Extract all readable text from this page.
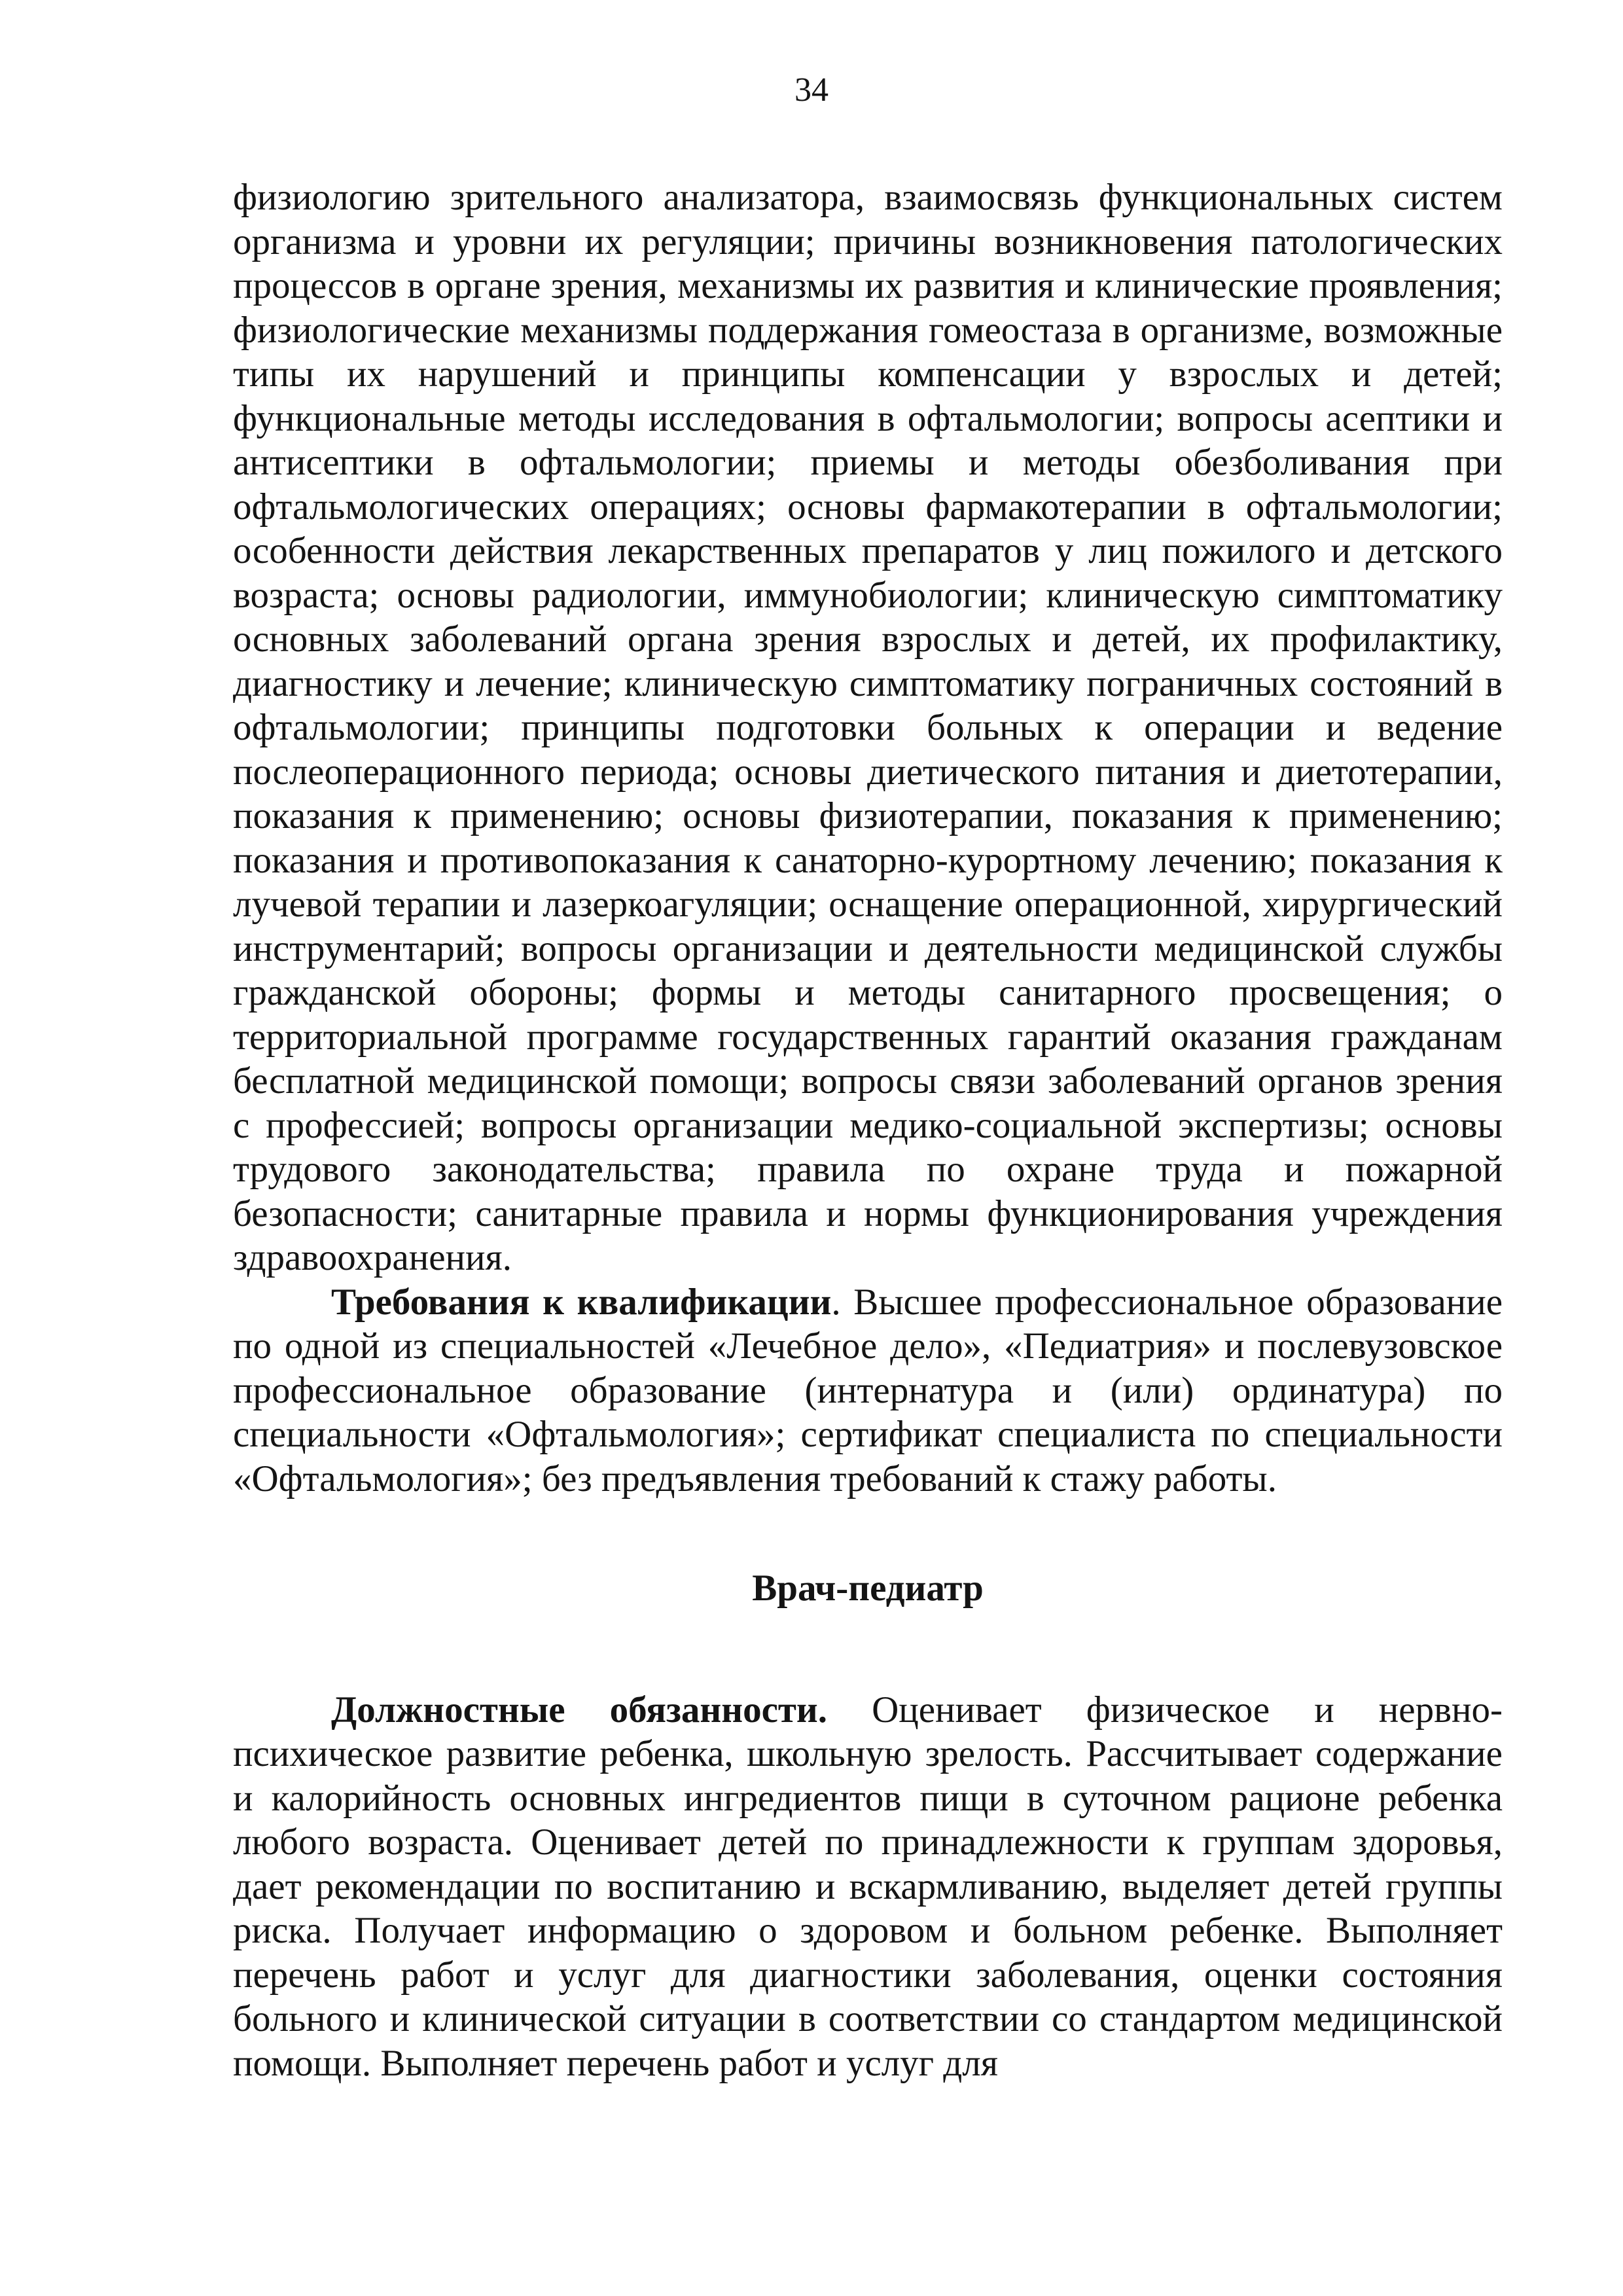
34

физиологию зрительного анализатора, взаимосвязь функциональных систем организма и уровни их регуляции; причины возникновения патологических процессов в органе зрения, механизмы их развития и клинические проявления; физиологические механизмы поддержания гомеостаза в организме, возможные типы их нарушений и принципы компенсации у взрослых и детей; функциональные методы исследования в офтальмологии; вопросы асептики и антисептики в офтальмологии; приемы и методы обезболивания при офтальмологических операциях; основы фармакотерапии в офтальмологии; особенности действия лекарственных препаратов у лиц пожилого и детского возраста; основы радиологии, иммунобиологии; клиническую симптоматику основных заболеваний органа зрения взрослых и детей, их профилактику, диагностику и лечение; клиническую симптоматику пограничных состояний в офтальмологии; принципы подготовки больных к операции и ведение послеоперационного периода; основы диетического питания и диетотерапии, показания к применению; основы физиотерапии, показания к применению; показания и противопоказания к санаторно-курортному лечению; показания к лучевой терапии и лазеркоагуляции; оснащение операционной, хирургический инструментарий; вопросы организации и деятельности медицинской службы гражданской обороны; формы и методы санитарного просвещения; о территориальной программе государственных гарантий оказания гражданам бесплатной медицинской помощи; вопросы связи заболеваний органов зрения с профессией; вопросы организации медико-социальной экспертизы; основы трудового законодательства; правила по охране труда и пожарной безопасности; санитарные правила и нормы функционирования учреждения здравоохранения.

Требования к квалификации. Высшее профессиональное образование по одной из специальностей «Лечебное дело», «Педиатрия» и послевузовское профессиональное образование (интернатура и (или) ординатура) по специальности «Офтальмология»; сертификат специалиста по специальности «Офтальмология»; без предъявления требований к стажу работы.

Врач-педиатр

Должностные обязанности. Оценивает физическое и нервно-психическое развитие ребенка, школьную зрелость. Рассчитывает содержание и калорийность основных ингредиентов пищи в суточном рационе ребенка любого возраста. Оценивает детей по принадлежности к группам здоровья, дает рекомендации по воспитанию и вскармливанию, выделяет детей группы риска. Получает информацию о здоровом и больном ребенке. Выполняет перечень работ и услуг для диагностики заболевания, оценки состояния больного и клинической ситуации в соответствии со стандартом медицинской помощи. Выполняет перечень работ и услуг для
